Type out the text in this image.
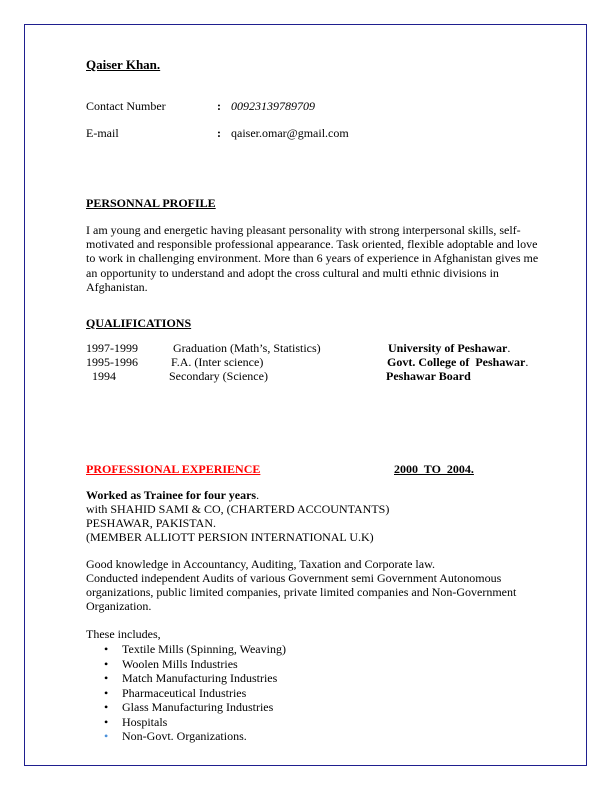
Qaiser Khan.
Contact Number	: 00923139789709
E-mail	: qaiser.omar@gmail.com
PERSONNAL PROFILE
I am young and energetic having pleasant personality with strong interpersonal skills, self-motivated and responsible professional appearance. Task oriented, flexible adoptable and love to work in challenging environment. More than 6 years of experience in Afghanistan gives me an opportunity to understand and adopt the cross cultural and multi ethnic divisions in Afghanistan.
QUALIFICATIONS
1997-1999	Graduation (Math’s, Statistics)	University of Peshawar.
1995-1996	F.A. (Inter science)	Govt. College of  Peshawar.
1994	Secondary (Science)	Peshawar Board
PROFESSIONAL EXPERIENCE	2000  TO  2004.
Worked as Trainee for four years.
with SHAHID SAMI & CO, (CHARTERD ACCOUNTANTS)
PESHAWAR, PAKISTAN.
(MEMBER ALLIOTT PERSION INTERNATIONAL U.K)
Good knowledge in Accountancy, Auditing, Taxation and Corporate law.
Conducted independent Audits of various Government semi Government Autonomous organizations, public limited companies, private limited companies and Non-Government Organization.
These includes,
• Textile Mills (Spinning, Weaving)
• Woolen Mills Industries
• Match Manufacturing Industries
• Pharmaceutical Industries
• Glass Manufacturing Industries
• Hospitals
• Non-Govt. Organizations.
